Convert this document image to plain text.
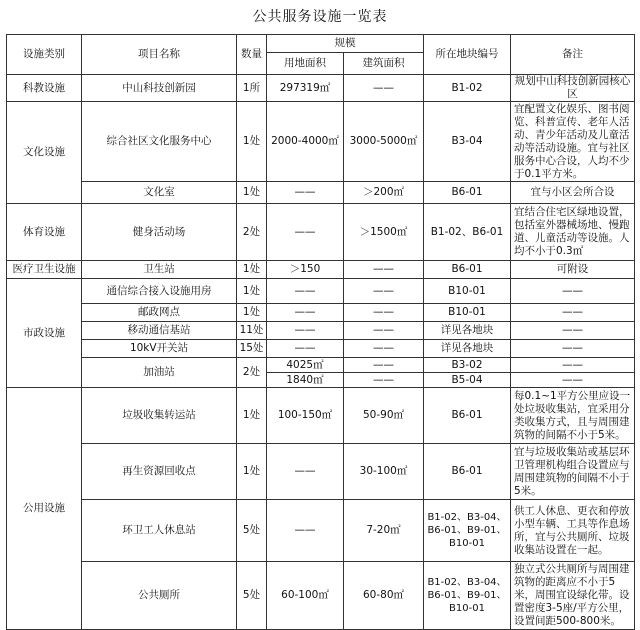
公共服务设施一览表
设施类别	项目名称	数量	规模		所在地块编号	备注
			用地面积	建筑面积		
科教设施	中山科技创新园	1所	297319㎡	——	B1-02	规划中山科技创新园核心区
文化设施	综合社区文化服务中心	1处	2000-4000㎡	3000-5000㎡	B3-04	宜配置文化娱乐、图书阅览、科普宣传、老年人活动、青少年活动及儿童活动等活动设施。宜与社区服务中心合设，人均不少于0.1平方米。
	文化室	1处	——	＞200㎡	B6-01	宜与小区会所合设
体育设施	健身活动场	2处	——	＞1500㎡	B1-02、B6-01	宜结合住宅区绿地设置，包括室外器械场地、慢跑道、儿童活动等设施。人均不小于0.3㎡
医疗卫生设施	卫生站	1处	＞150	——	B6-01	可附设
市政设施	通信综合接入设施用房	1处	——	——	B10-01	——
	邮政网点	1处	——	——	B10-01	——
	移动通信基站	11处	——	——	详见各地块	——
	10kV开关站	15处	——	——	详见各地块	——
	加油站	2处	4025㎡	——	B3-02	——
			1840㎡	——	B5-04	——
公用设施	垃圾收集转运站	1处	100-150㎡	50-90㎡	B6-01	每0.1~1平方公里应设一处垃圾收集站，宜采用分类收集方式，且与周围建筑物的间隔不小于5米。
	再生资源回收点	1处	——	30-100㎡	B6-01	宜与垃圾收集站或基层环卫管理机构组合设置应与周围建筑物的间隔不小于5米。
	环卫工人休息站	5处	——	7-20㎡	B1-02、B3-04、B6-01、B9-01、B10-01	供工人休息、更衣和停放小型车辆、工具等作息场所，宜与公共厕所、垃圾收集站设置在一起。
	公共厕所	5处	60-100㎡	60-80㎡	B1-02、B3-04、B6-01、B9-01、B10-01	独立式公共厕所与周围建筑物的距离应不小于5米，周围宜设绿化带。设置密度3-5座/平方公里，设置间距500-800米。
